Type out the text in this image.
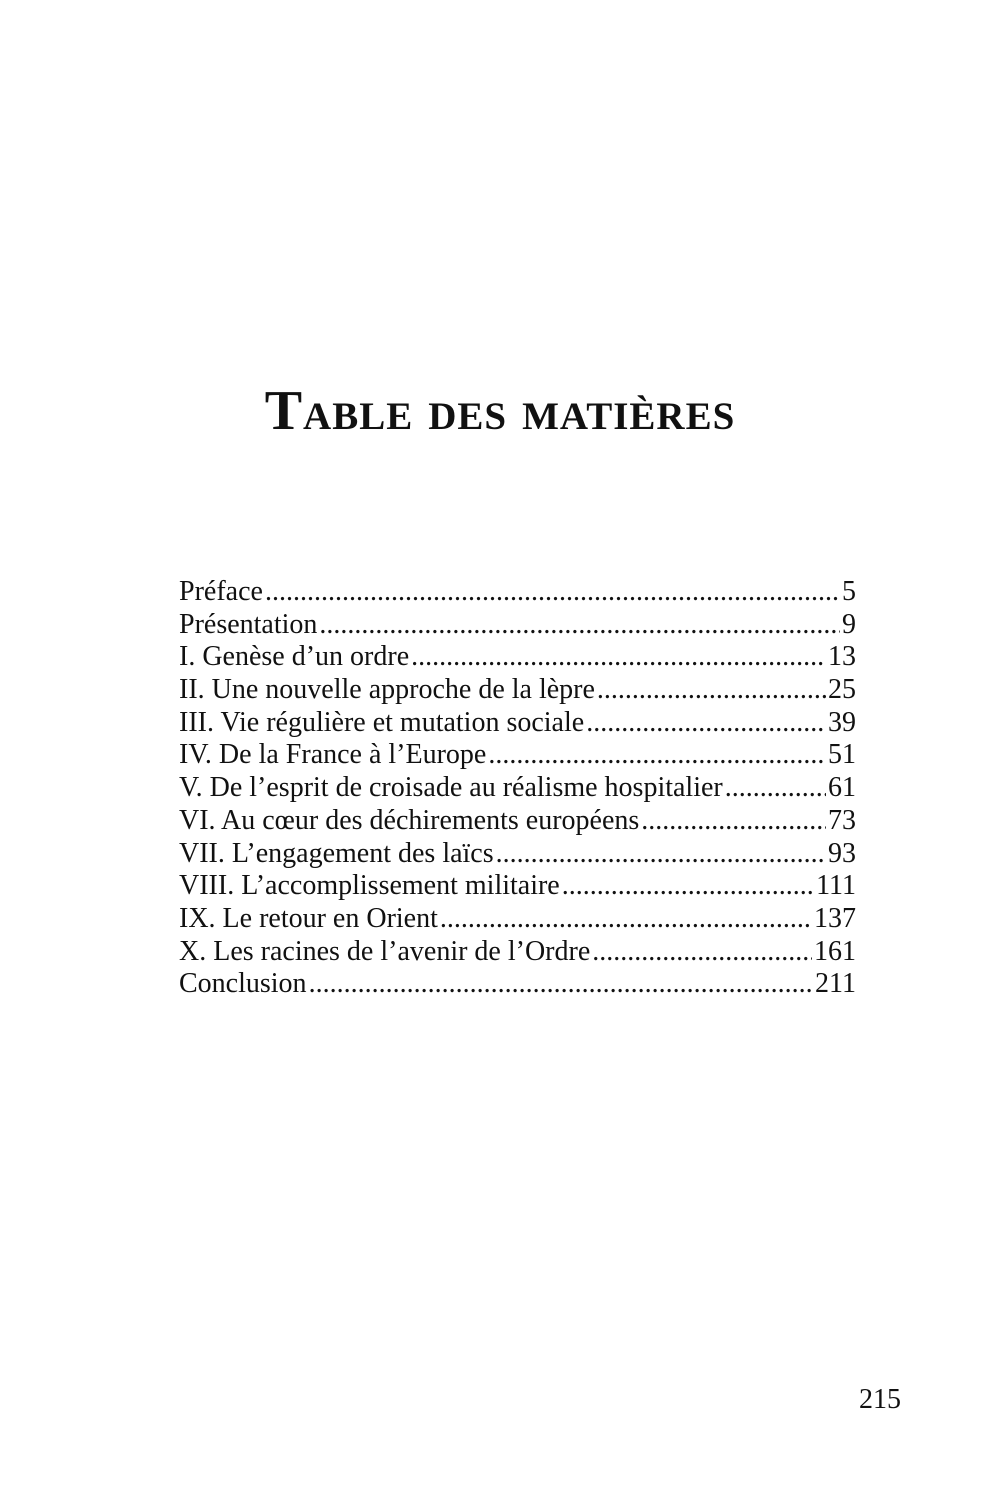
Table des matières
Préface .....	5
Présentation .....	9
I. Genèse d’un ordre .....	13
II. Une nouvelle approche de la lèpre .....	25
III. Vie régulière et mutation sociale .....	39
IV. De la France à l’Europe .....	51
V. De l’esprit de croisade au réalisme hospitalier .....	61
VI. Au cœur des déchirements européens .....	73
VII. L’engagement des laïcs .....	93
VIII. L’accomplissement militaire .....	111
IX. Le retour en Orient .....	137
X. Les racines de l’avenir de l’Ordre .....	161
Conclusion .....	211
215
